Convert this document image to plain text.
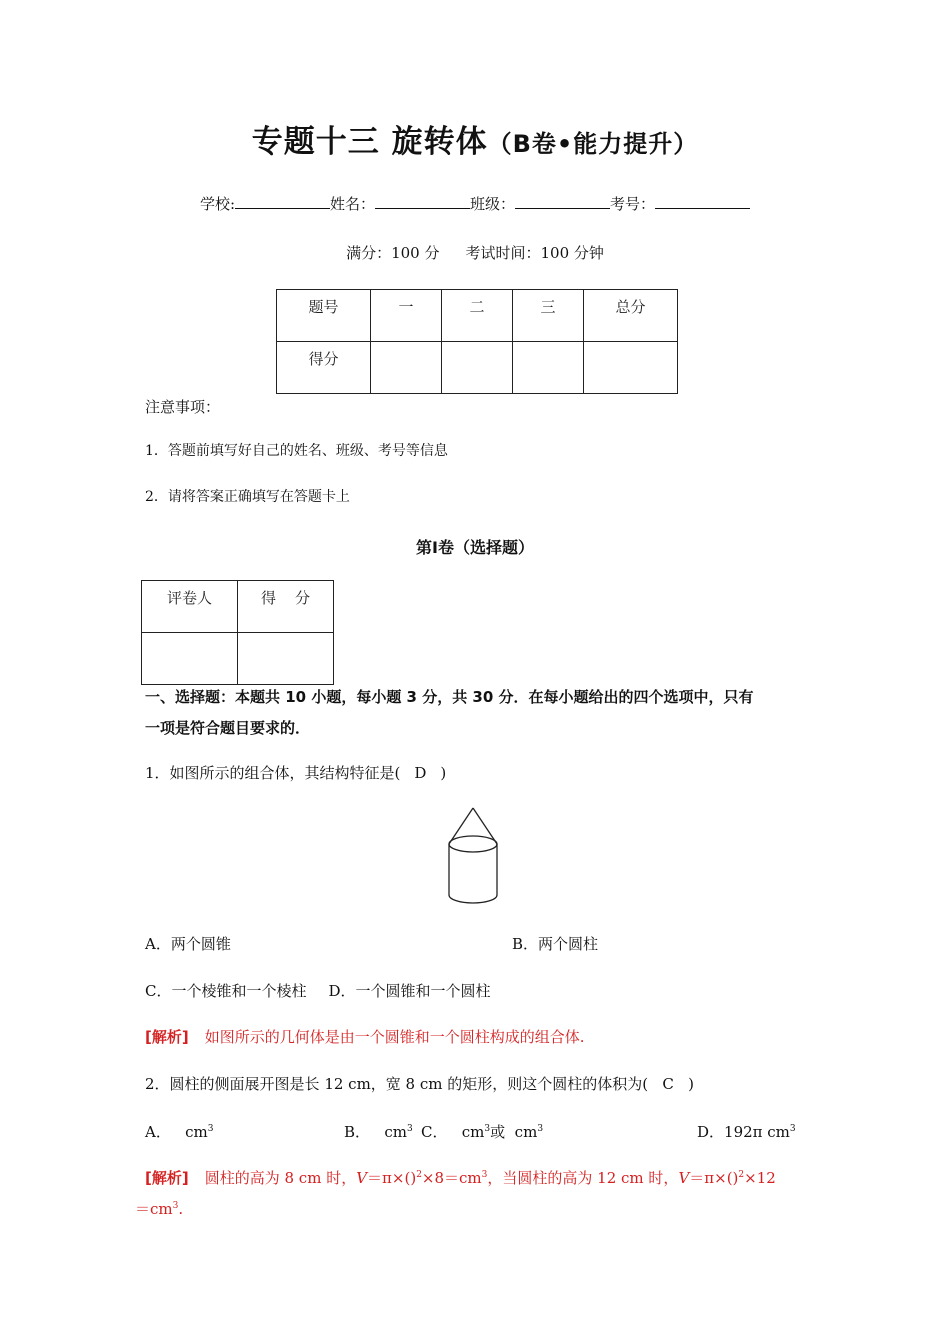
专题十三 旋转体（B卷•能力提升）
学校:	姓名：	班级：	考号：
满分：100 分 考试时间：100 分钟
题号	一	二	三	总分
得分				
注意事项：
1．答题前填写好自己的姓名、班级、考号等信息
2．请将答案正确填写在答题卡上
第Ⅰ卷（选择题）
评卷人	得    分

一、选择题：本题共 10 小题，每小题 3 分，共 30 分．在每小题给出的四个选项中，只有
一项是符合题目要求的．
1．如图所示的组合体，其结构特征是( D )
A．两个圆锥	B．两个圆柱
C．一个棱锥和一个棱柱 D．一个圆锥和一个圆柱
[解析] 如图所示的几何体是由一个圆锥和一个圆柱构成的组合体.
2．圆柱的侧面展开图是长 12 cm，宽 8 cm 的矩形，则这个圆柱的体积为( C )
A．   $cm^3$	B．   $cm^3$ C．   $cm^3$或  $cm^3$	D．192π $cm^3$
[解析] 圆柱的高为 8 cm 时，$V=\pi\times()^2\times 8=cm^3$，当圆柱的高为 12 cm 时，V＝π×()$^2$×12
$=cm^3$.
